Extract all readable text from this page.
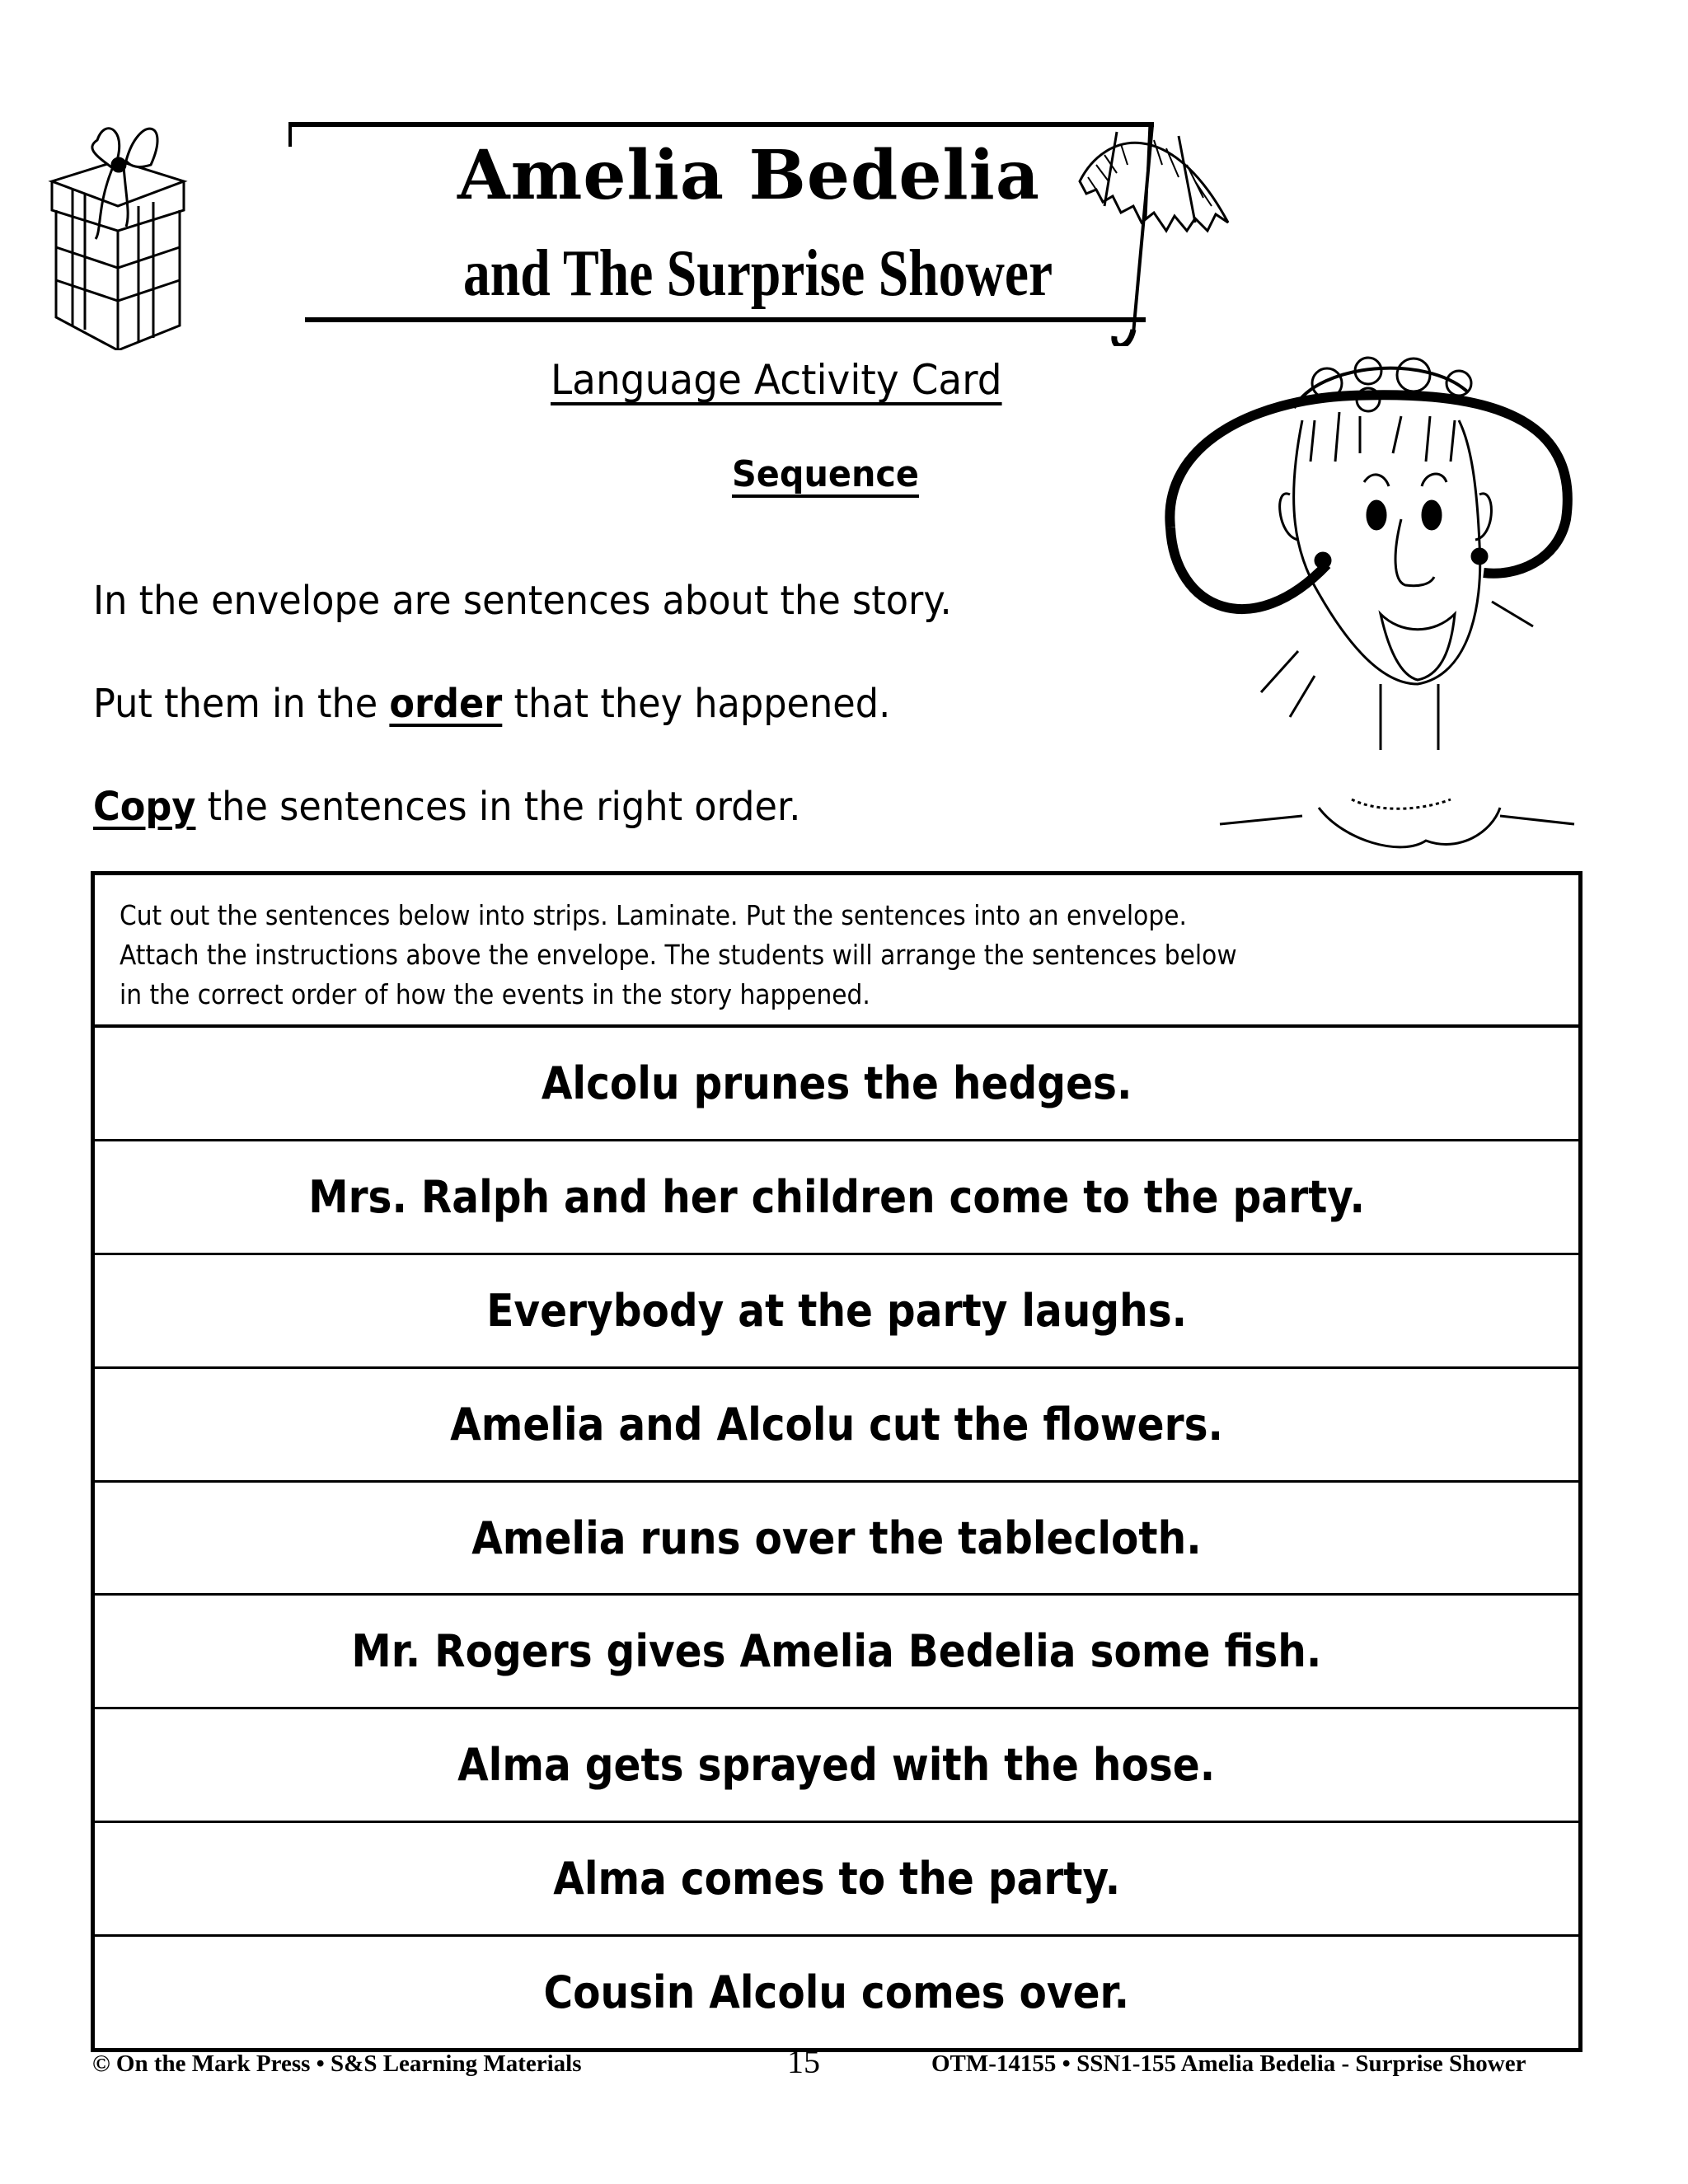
Amelia Bedelia
and The Surprise Shower
Language Activity Card
Sequence
In the envelope are sentences about the story.
Put them in the order that they happened.
Copy the sentences in the right order.
Cut out the sentences below into strips. Laminate. Put the sentences into an envelope.
Attach the instructions above the envelope. The students will arrange the sentences below
in the correct order of how the events in the story happened.
Alcolu prunes the hedges.
Mrs. Ralph and her children come to the party.
Everybody at the party laughs.
Amelia and Alcolu cut the flowers.
Amelia runs over the tablecloth.
Mr. Rogers gives Amelia Bedelia some fish.
Alma gets sprayed with the hose.
Alma comes to the party.
Cousin Alcolu comes over.
© On the Mark Press • S&S Learning Materials	15	OTM-14155 • SSN1-155 Amelia Bedelia - Surprise Shower
